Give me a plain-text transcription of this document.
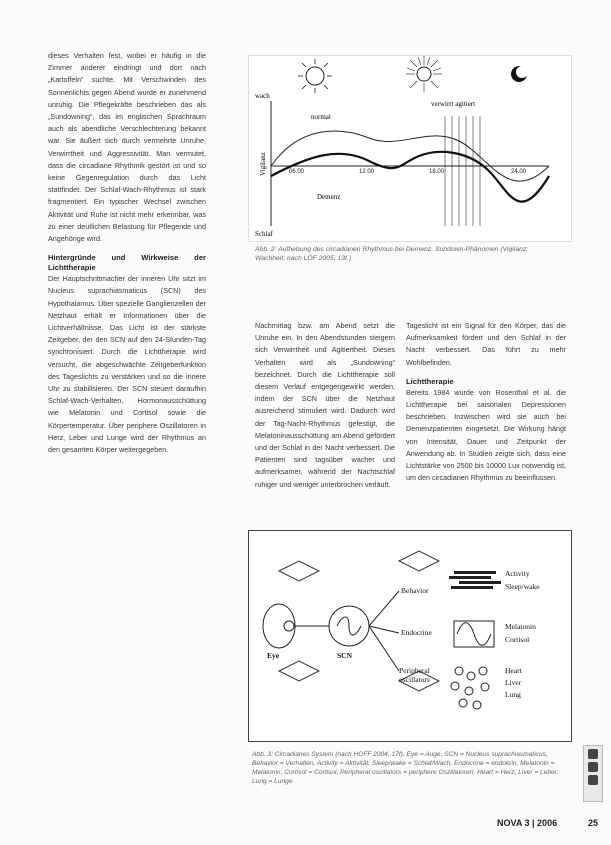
dieses Verhalten fest, wobei er häufig in die Zimmer anderer eindringt und dort nach „Kartoffeln“ suchte. Mit Verschwinden des Sonnenlichts gegen Abend wurde er zunehmend unruhig. Die Pflegekräfte beschrieben das als „Sundowning“, das im englischen Sprachraum auch als abendliche Verschlechterung bekannt war. Sie äußert sich durch vermehrte Unruhe, Verwirrtheit und Aggressivität. Man vermutet, dass die circadiane Rhythmik gestört ist und so keine Gegenregulation durch das Licht stattfindet. Der Schlaf-Wach-Rhythmus ist stark fragmentiert. Ein typischer Wechsel zwischen Aktivität und Ruhe ist nicht mehr erkennbar, was zu einer deutlichen Belastung für Pflegende und Angehörige wird.

Hintergründe und Wirkweise der Lichttherapie

Der Hauptschrittmacher der inneren Uhr sitzt im Nucleus suprachiasmaticus (SCN) des Hypothalamus. Über spezielle Ganglienzellen der Netzhaut erhält er Informationen über die Lichtverhältnisse. Das Licht ist der stärkste Zeitgeber, der den SCN auf den 24-Stunden-Tag synchronisiert. Durch die Lichttherapie wird versucht, die abgeschwächte Zeitgeberfunktion des Tageslichts zu verstärken und so die innere Uhr zu stabilisieren. Der SCN steuert daraufhin Schlaf-Wach-Verhalten, Hormonausschüttung wie Melatonin und Cortisol sowie die Körpertemperatur. Über periphere Oszillatoren in Herz, Leber und Lunge wird der Rhythmus an den gesamten Körper weitergegeben.

06.00	12.00	18.00	24.00
wach
Schlaf
Vigilanz
normal
Demenz
verwirrt agitiert
Abb. 2: Aufhebung des circadianen Rhythmus bei Demenz. Sundown-Phänomen (Vigilanz: Wachheit; nach LÖF 2005, 13f.)

Nachmittag bzw. am Abend setzt die Unruhe ein. In den Abendstunden steigern sich Verwirrtheit und Agitiertheit. Dieses Verhalten wird als „Sundowning“ bezeichnet. Durch die Lichttherapie soll diesem Verlauf entgegengewirkt werden, indem der SCN über die Netzhaut ausreichend stimuliert wird. Dadurch wird der Tag-Nacht-Rhythmus gefestigt, die Melatoninausschüttung am Abend gefördert und der Schlaf in der Nacht verbessert. Die Patienten sind tagsüber wacher und aufmerksamer, während der Nachtschlaf ruhiger und weniger unterbrochen verläuft.

Tageslicht ist ein Signal für den Körper, das die Aufmerksamkeit fördert und den Schlaf in der Nacht verbessert. Das führt zu mehr Wohlbefinden.

Lichttherapie

Bereits 1984 wurde von Rosenthal et al. die Lichttherapie bei saisonalen Depressionen beschrieben. Inzwischen wird sie auch bei Demenzpatienten eingesetzt. Die Wirkung hängt von Intensität, Dauer und Zeitpunkt der Anwendung ab. In Studien zeigte sich, dass eine Lichtstärke von 2500 bis 10000 Lux notwendig ist, um den circadianen Rhythmus zu beeinflussen.

Eye	SCN
Behavior
Endocrine
Peripheral
oscillators
Activity
Sleep/wake
Melatonin
Cortisol
Heart
Liver
Lung
Abb. 3: Circadianes System (nach HOFF 2004, 17f). Eye = Auge, SCN = Nucleus suprachiasmaticus, Behavior = Verhalten, Activity = Aktivität, Sleep/wake = Schlaf/Wach, Endocrine = endokrin, Melatonin = Melatonin, Cortisol = Cortisol, Peripheral oscillators = periphere Oszillatoren, Heart = Herz, Liver = Leber, Lung = Lunge
NOVA 3 | 2006	25
